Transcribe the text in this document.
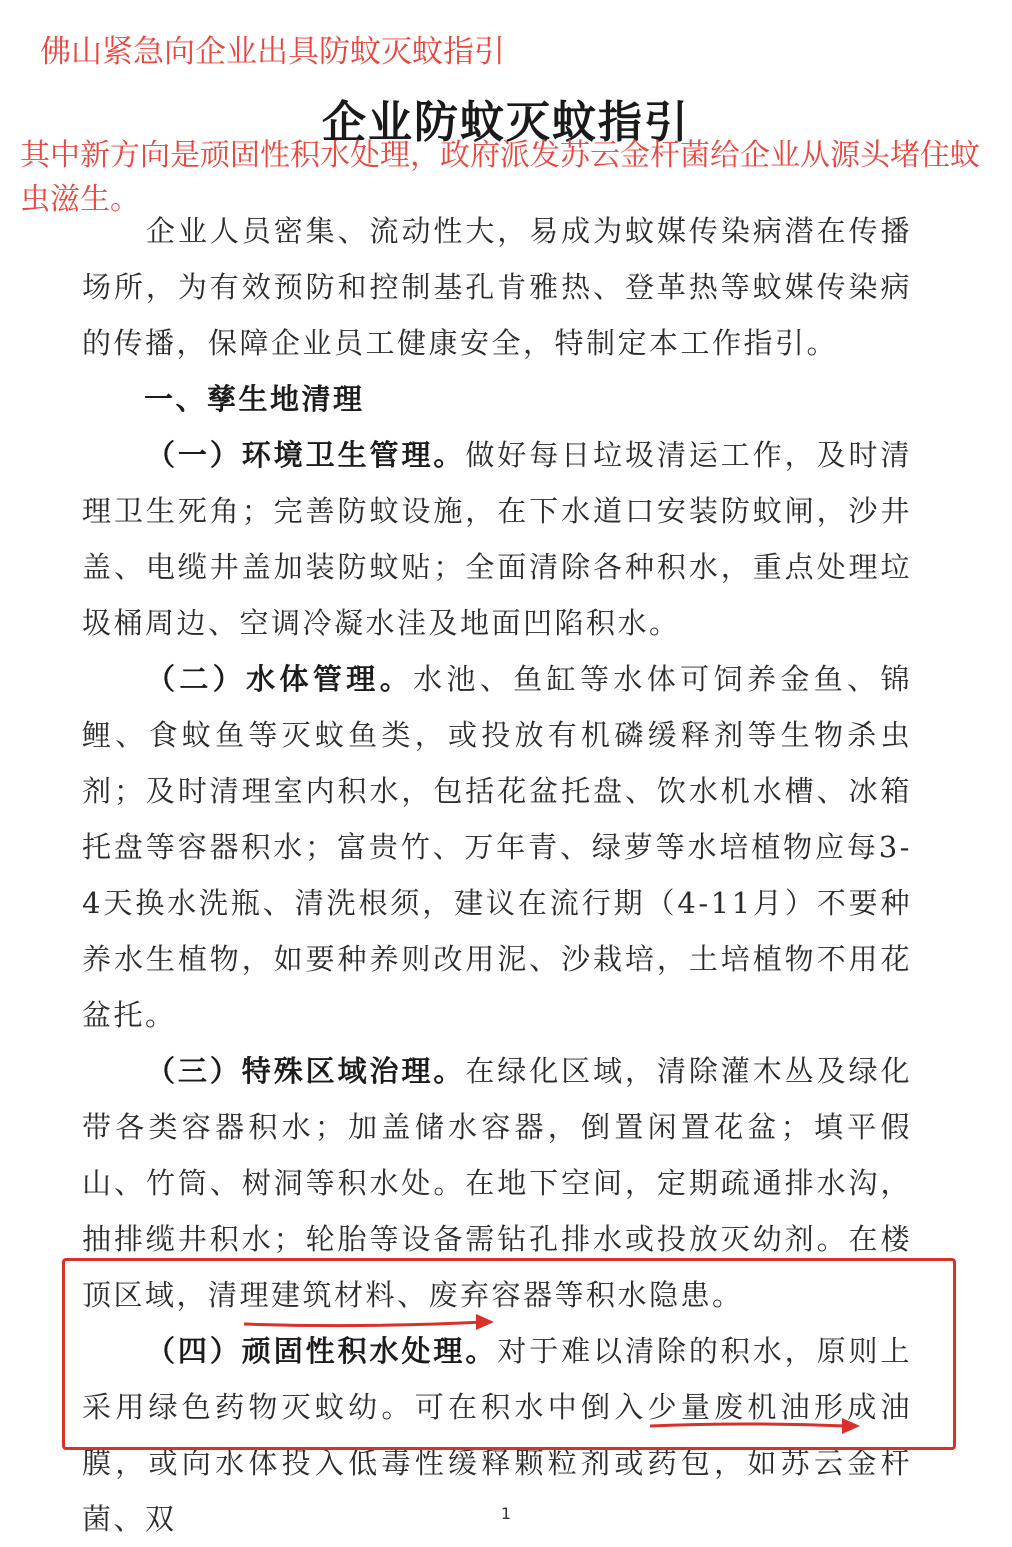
佛山紧急向企业出具防蚊灭蚊指引
企业防蚊灭蚊指引
其中新方向是顽固性积水处理，政府派发苏云金杆菌给企业从源头堵住蚊虫滋生。

企业人员密集、流动性大，易成为蚊媒传染病潜在传播场所，为有效预防和控制基孔肯雅热、登革热等蚊媒传染病的传播，保障企业员工健康安全，特制定本工作指引。

一、孳生地清理

（一）环境卫生管理。做好每日垃圾清运工作，及时清理卫生死角；完善防蚊设施，在下水道口安装防蚊闸，沙井盖、电缆井盖加装防蚊贴；全面清除各种积水，重点处理垃圾桶周边、空调冷凝水洼及地面凹陷积水。

（二）水体管理。水池、鱼缸等水体可饲养金鱼、锦鲤、食蚊鱼等灭蚊鱼类，或投放有机磷缓释剂等生物杀虫剂；及时清理室内积水，包括花盆托盘、饮水机水槽、冰箱托盘等容器积水；富贵竹、万年青、绿萝等水培植物应每3-4天换水洗瓶、清洗根须，建议在流行期（4-11月）不要种养水生植物，如要种养则改用泥、沙栽培，土培植物不用花盆托。

（三）特殊区域治理。在绿化区域，清除灌木丛及绿化带各类容器积水；加盖储水容器，倒置闲置花盆；填平假山、竹筒、树洞等积水处。在地下空间，定期疏通排水沟，抽排缆井积水；轮胎等设备需钻孔排水或投放灭幼剂。在楼顶区域，清理建筑材料、废弃容器等积水隐患。

（四）顽固性积水处理。对于难以清除的积水，原则上采用绿色药物灭蚊幼。可在积水中倒入少量废机油形成油膜，或向水体投入低毒性缓释颗粒剂或药包，如苏云金杆菌、双	1
